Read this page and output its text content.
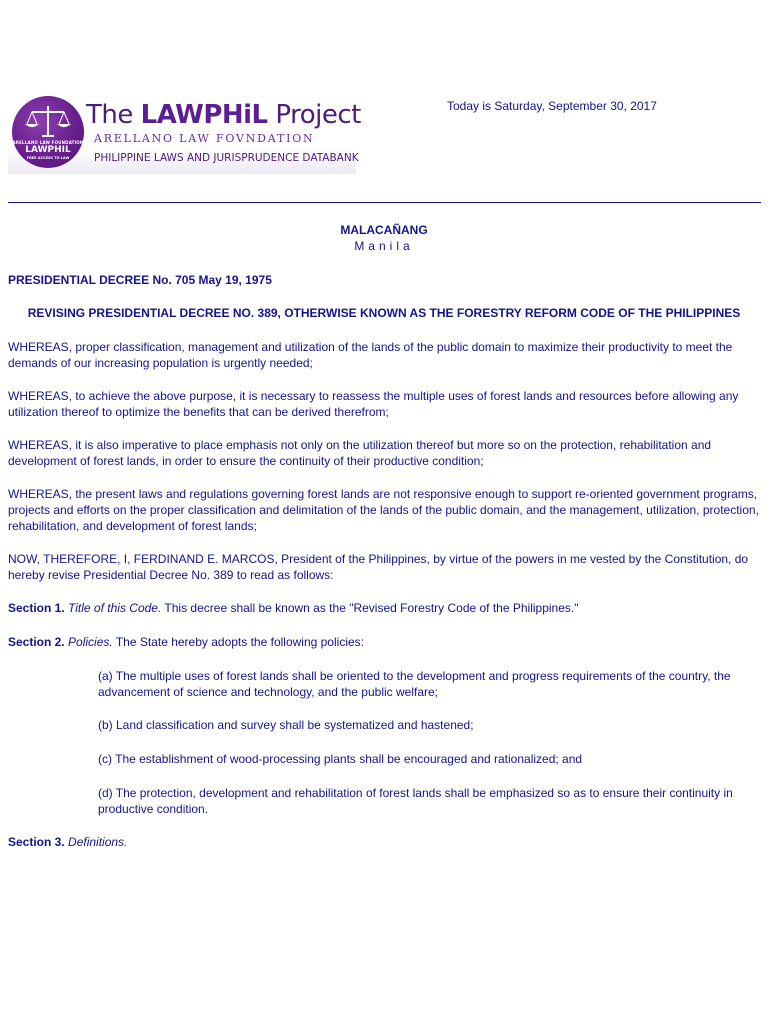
ARELLANO LAW FOUNDATION
LAWPHIL
FREE ACCESS TO LAW
The LAWPHiL Project
ARELLANO LAW FOVNDATION
PHILIPPINE LAWS AND JURISPRUDENCE DATABANK
Today is Saturday, September 30, 2017
MALACAÑANG
Manila

PRESIDENTIAL DECREE No. 705 May 19, 1975

REVISING PRESIDENTIAL DECREE NO. 389, OTHERWISE KNOWN AS THE FORESTRY REFORM CODE OF THE PHILIPPINES

WHEREAS, proper classification, management and utilization of the lands of the public domain to maximize their productivity to meet the demands of our increasing population is urgently needed;

WHEREAS, to achieve the above purpose, it is necessary to reassess the multiple uses of forest lands and resources before allowing any utilization thereof to optimize the benefits that can be derived therefrom;

WHEREAS, it is also imperative to place emphasis not only on the utilization thereof but more so on the protection, rehabilitation and development of forest lands, in order to ensure the continuity of their productive condition;

WHEREAS, the present laws and regulations governing forest lands are not responsive enough to support re-oriented government programs, projects and efforts on the proper classification and delimitation of the lands of the public domain, and the management, utilization, protection, rehabilitation, and development of forest lands;

NOW, THEREFORE, I, FERDINAND E. MARCOS, President of the Philippines, by virtue of the powers in me vested by the Constitution, do hereby revise Presidential Decree No. 389 to read as follows:

Section 1. Title of this Code. This decree shall be known as the "Revised Forestry Code of the Philippines."

Section 2. Policies. The State hereby adopts the following policies:

(a) The multiple uses of forest lands shall be oriented to the development and progress requirements of the country, the advancement of science and technology, and the public welfare;

(b) Land classification and survey shall be systematized and hastened;

(c) The establishment of wood-processing plants shall be encouraged and rationalized; and

(d) The protection, development and rehabilitation of forest lands shall be emphasized so as to ensure their continuity in productive condition.

Section 3. Definitions.
